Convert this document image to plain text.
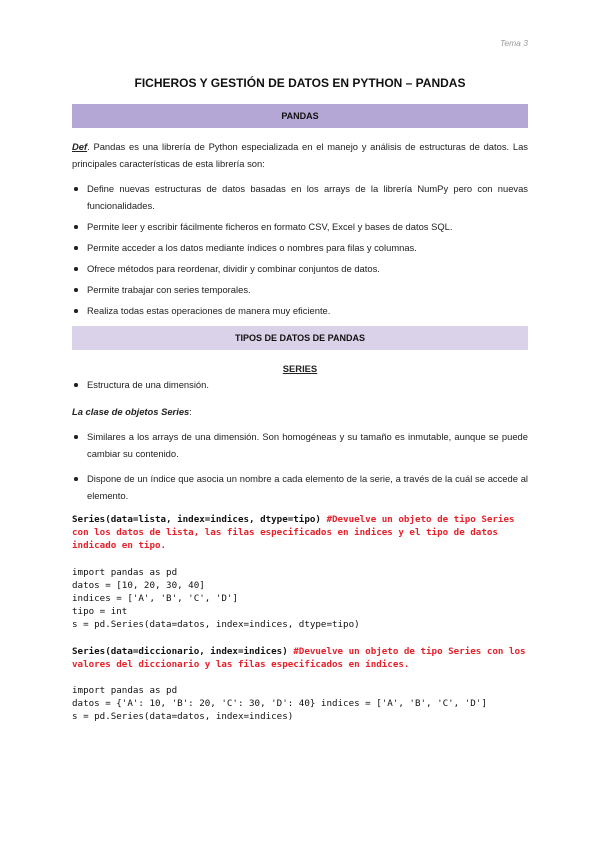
Tema 3
FICHEROS Y GESTIÓN DE DATOS EN PYTHON – PANDAS
PANDAS
Def. Pandas es una librería de Python especializada en el manejo y análisis de estructuras de datos. Las principales características de esta librería son:
Define nuevas estructuras de datos basadas en los arrays de la librería NumPy pero con nuevas funcionalidades.
Permite leer y escribir fácilmente ficheros en formato CSV, Excel y bases de datos SQL.
Permite acceder a los datos mediante índices o nombres para filas y columnas.
Ofrece métodos para reordenar, dividir y combinar conjuntos de datos.
Permite trabajar con series temporales.
Realiza todas estas operaciones de manera muy eficiente.
TIPOS DE DATOS DE PANDAS
SERIES
Estructura de una dimensión.
La clase de objetos Series:
Similares a los arrays de una dimensión. Son homogéneas y su tamaño es inmutable, aunque se puede cambiar su contenido.
Dispone de un índice que asocia un nombre a cada elemento de la serie, a través de la cuál se accede al elemento.
Series(data=lista, index=indices, dtype=tipo) #Devuelve un objeto de tipo Series con los datos de lista, las filas especificados en indices y el tipo de datos indicado en tipo.
import pandas as pd
datos = [10, 20, 30, 40]
indices = ['A', 'B', 'C', 'D']
tipo = int
s = pd.Series(data=datos, index=indices, dtype=tipo)
Series(data=diccionario, index=indices) #Devuelve un objeto de tipo Series con los valores del diccionario y las filas especificados en índices.
import pandas as pd
datos = {'A': 10, 'B': 20, 'C': 30, 'D': 40} indices = ['A', 'B', 'C', 'D']
s = pd.Series(data=datos, index=indices)
